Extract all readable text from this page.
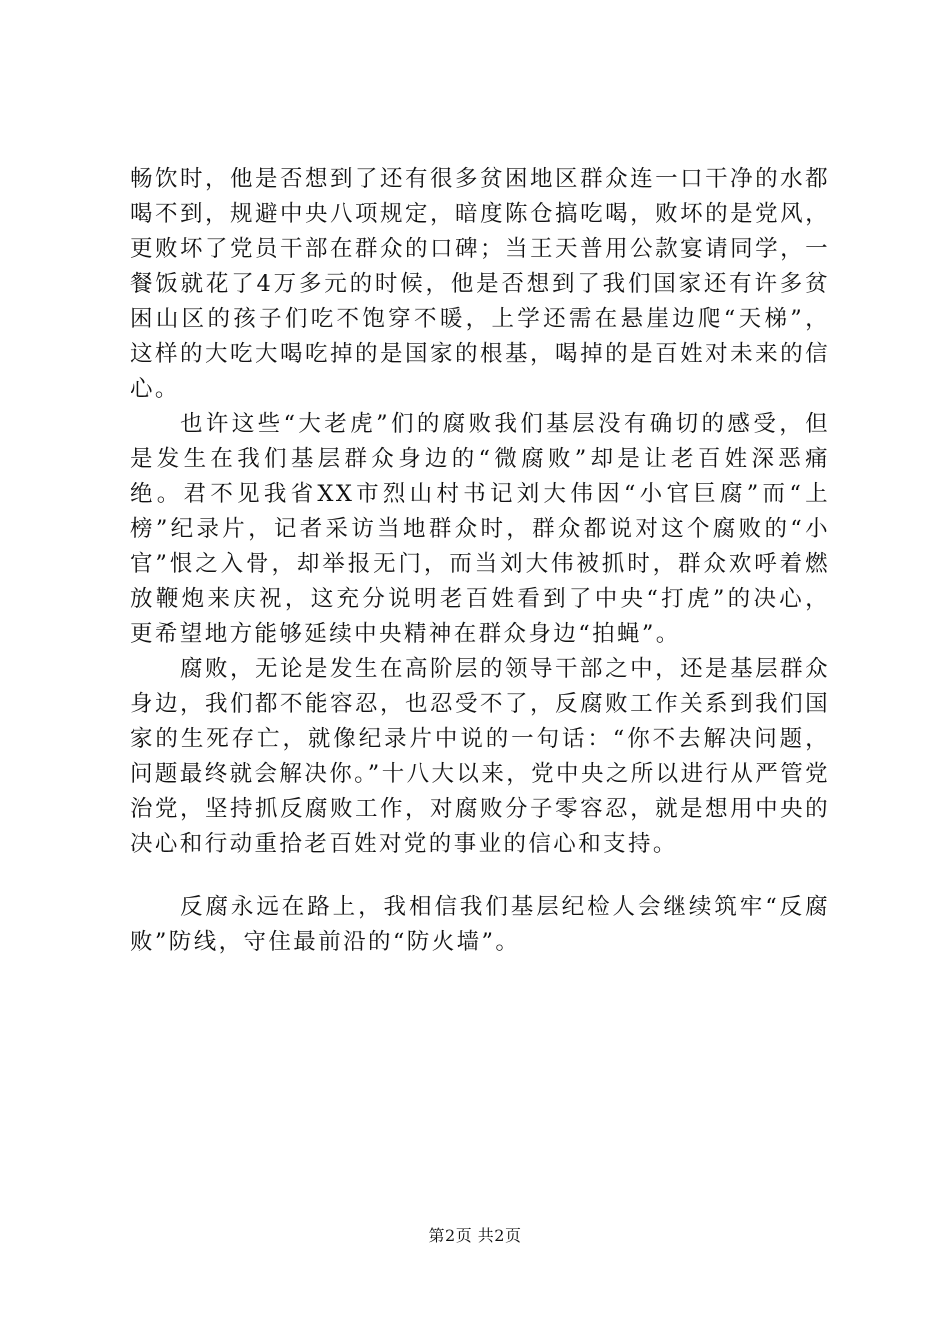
畅饮时，他是否想到了还有很多贫困地区群众连一口干净的水都喝不到，规避中央八项规定，暗度陈仓搞吃喝，败坏的是党风，更败坏了党员干部在群众的口碑；当王天普用公款宴请同学，一餐饭就花了4万多元的时候，他是否想到了我们国家还有许多贫困山区的孩子们吃不饱穿不暖，上学还需在悬崖边爬“天梯”，这样的大吃大喝吃掉的是国家的根基，喝掉的是百姓对未来的信心。

也许这些“大老虎”们的腐败我们基层没有确切的感受，但是发生在我们基层群众身边的“微腐败”却是让老百姓深恶痛绝。君不见我省XX市烈山村书记刘大伟因“小官巨腐”而“上榜”纪录片，记者采访当地群众时，群众都说对这个腐败的“小官”恨之入骨，却举报无门，而当刘大伟被抓时，群众欢呼着燃放鞭炮来庆祝，这充分说明老百姓看到了中央“打虎”的决心，更希望地方能够延续中央精神在群众身边“拍蝇”。

腐败，无论是发生在高阶层的领导干部之中，还是基层群众身边，我们都不能容忍，也忍受不了，反腐败工作关系到我们国家的生死存亡，就像纪录片中说的一句话：“你不去解决问题，问题最终就会解决你。”十八大以来，党中央之所以进行从严管党治党，坚持抓反腐败工作，对腐败分子零容忍，就是想用中央的决心和行动重拾老百姓对党的事业的信心和支持。

反腐永远在路上，我相信我们基层纪检人会继续筑牢“反腐败”防线，守住最前沿的“防火墙”。

第2页 共2页
